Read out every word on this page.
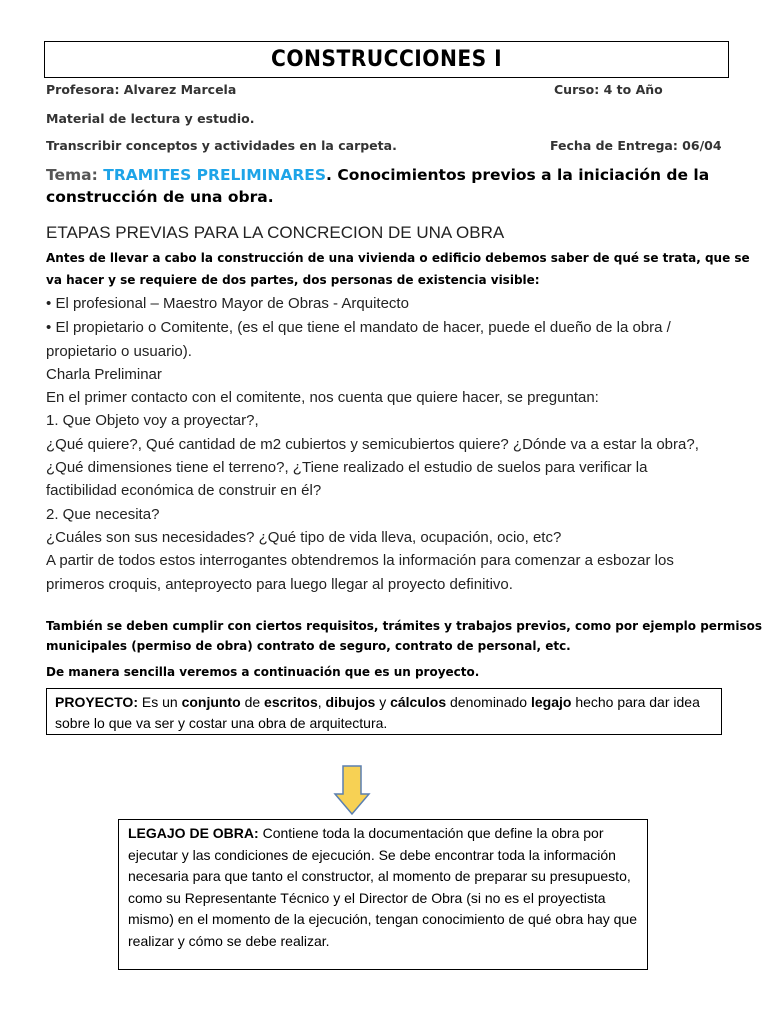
CONSTRUCCIONES I
Profesora: Alvarez Marcela	Curso: 4 to Año
Material de lectura y estudio.
Transcribir conceptos y actividades en la carpeta.	Fecha de Entrega: 06/04
Tema: TRAMITES PRELIMINARES. Conocimientos previos a la iniciación de la construcción de una obra.
ETAPAS PREVIAS PARA LA CONCRECION DE UNA OBRA
Antes de llevar a cabo la construcción de una vivienda o edificio debemos saber de qué se trata, que se
va hacer y se requiere de dos partes, dos personas de existencia visible:
• El profesional – Maestro Mayor de Obras - Arquitecto
• El propietario o Comitente, (es el que tiene el mandato de hacer, puede el dueño de la obra /
propietario o usuario).
Charla Preliminar
En el primer contacto con el comitente, nos cuenta que quiere hacer, se preguntan:
1. Que Objeto voy a proyectar?,
¿Qué quiere?, Qué cantidad de m2 cubiertos y semicubiertos quiere? ¿Dónde va a estar la obra?,
¿Qué dimensiones tiene el terreno?, ¿Tiene realizado el estudio de suelos para verificar la
factibilidad económica de construir en él?
2. Que necesita?
¿Cuáles son sus necesidades? ¿Qué tipo de vida lleva, ocupación, ocio, etc?
A partir de todos estos interrogantes obtendremos la información para comenzar a esbozar los
primeros croquis, anteproyecto para luego llegar al proyecto definitivo.
También se deben cumplir con ciertos requisitos, trámites y trabajos previos, como por ejemplo permisos
municipales (permiso de obra) contrato de seguro, contrato de personal, etc.
De manera sencilla veremos a continuación que es un proyecto.
PROYECTO: Es un conjunto de escritos, dibujos y cálculos denominado legajo hecho para dar idea sobre lo que va ser y costar una obra de arquitectura.
LEGAJO DE OBRA: Contiene toda la documentación que define la obra por ejecutar y las condiciones de ejecución. Se debe encontrar toda la información necesaria para que tanto el constructor, al momento de preparar su presupuesto, como su Representante Técnico y el Director de Obra (si no es el proyectista mismo) en el momento de la ejecución, tengan conocimiento de qué obra hay que realizar y cómo se debe realizar.
